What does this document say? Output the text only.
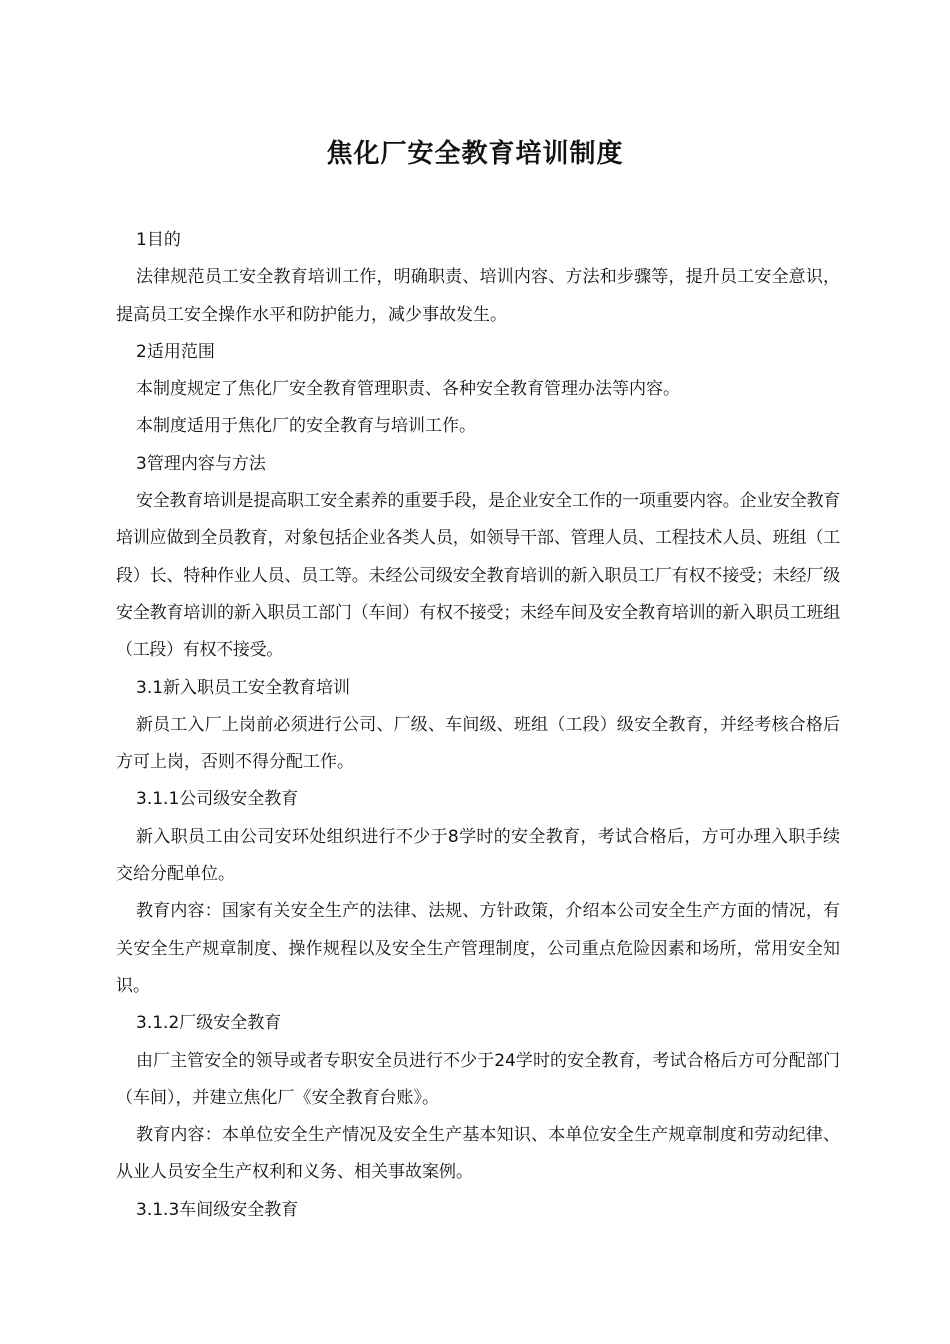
焦化厂安全教育培训制度

1目的

法律规范员工安全教育培训工作，明确职责、培训内容、方法和步骤等，提升员工安全意识，提高员工安全操作水平和防护能力，减少事故发生。

2适用范围

本制度规定了焦化厂安全教育管理职责、各种安全教育管理办法等内容。

本制度适用于焦化厂的安全教育与培训工作。

3管理内容与方法

安全教育培训是提高职工安全素养的重要手段，是企业安全工作的一项重要内容。企业安全教育培训应做到全员教育，对象包括企业各类人员，如领导干部、管理人员、工程技术人员、班组（工段）长、特种作业人员、员工等。未经公司级安全教育培训的新入职员工厂有权不接受；未经厂级安全教育培训的新入职员工部门（车间）有权不接受；未经车间及安全教育培训的新入职员工班组（工段）有权不接受。

3.1新入职员工安全教育培训

新员工入厂上岗前必须进行公司、厂级、车间级、班组（工段）级安全教育，并经考核合格后方可上岗，否则不得分配工作。

3.1.1公司级安全教育

新入职员工由公司安环处组织进行不少于8学时的安全教育，考试合格后，方可办理入职手续交给分配单位。

教育内容：国家有关安全生产的法律、法规、方针政策，介绍本公司安全生产方面的情况，有关安全生产规章制度、操作规程以及安全生产管理制度，公司重点危险因素和场所，常用安全知识。

3.1.2厂级安全教育

由厂主管安全的领导或者专职安全员进行不少于24学时的安全教育，考试合格后方可分配部门（车间），并建立焦化厂《安全教育台账》。

教育内容：本单位安全生产情况及安全生产基本知识、本单位安全生产规章制度和劳动纪律、从业人员安全生产权利和义务、相关事故案例。

3.1.3车间级安全教育
